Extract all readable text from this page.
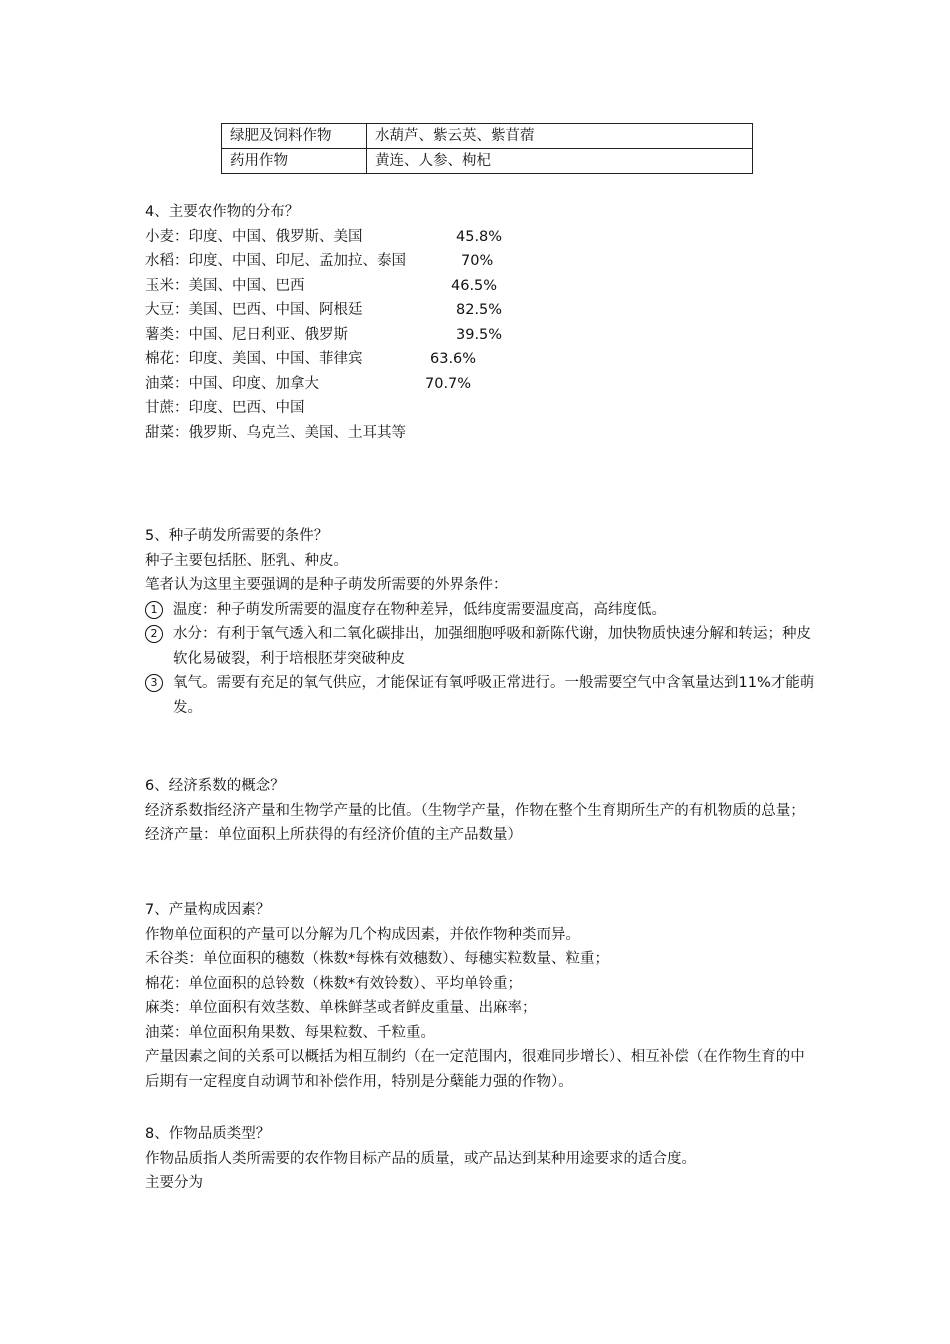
绿肥及饲料作物	水葫芦、紫云英、紫苜蓿
药用作物	黄连、人参、枸杞
4、主要农作物的分布？
小麦：印度、中国、俄罗斯、美国	45.8%
水稻：印度、中国、印尼、孟加拉、泰国	70%
玉米：美国、中国、巴西	46.5%
大豆：美国、巴西、中国、阿根廷	82.5%
薯类：中国、尼日利亚、俄罗斯	39.5%
棉花：印度、美国、中国、菲律宾	63.6%
油菜：中国、印度、加拿大	70.7%
甘蔗：印度、巴西、中国
甜菜：俄罗斯、乌克兰、美国、土耳其等
5、种子萌发所需要的条件？
种子主要包括胚、胚乳、种皮。
笔者认为这里主要强调的是种子萌发所需要的外界条件：
1	温度：种子萌发所需要的温度存在物种差异，低纬度需要温度高，高纬度低。
2	水分：有利于氧气透入和二氧化碳排出，加强细胞呼吸和新陈代谢，加快物质快速分解和转运；种皮软化易破裂，利于培根胚芽突破种皮
3	氧气。需要有充足的氧气供应，才能保证有氧呼吸正常进行。一般需要空气中含氧量达到11%才能萌发。
6、经济系数的概念？
经济系数指经济产量和生物学产量的比值。（生物学产量，作物在整个生育期所生产的有机物质的总量；经济产量：单位面积上所获得的有经济价值的主产品数量）
7、产量构成因素？
作物单位面积的产量可以分解为几个构成因素，并依作物种类而异。
禾谷类：单位面积的穗数（株数*每株有效穗数）、每穗实粒数量、粒重；
棉花：单位面积的总铃数（株数*有效铃数）、平均单铃重；
麻类：单位面积有效茎数、单株鲜茎或者鲜皮重量、出麻率；
油菜：单位面积角果数、每果粒数、千粒重。
产量因素之间的关系可以概括为相互制约（在一定范围内，很难同步增长）、相互补偿（在作物生育的中后期有一定程度自动调节和补偿作用，特别是分蘖能力强的作物）。
8、作物品质类型？
作物品质指人类所需要的农作物目标产品的质量，或产品达到某种用途要求的适合度。
主要分为
